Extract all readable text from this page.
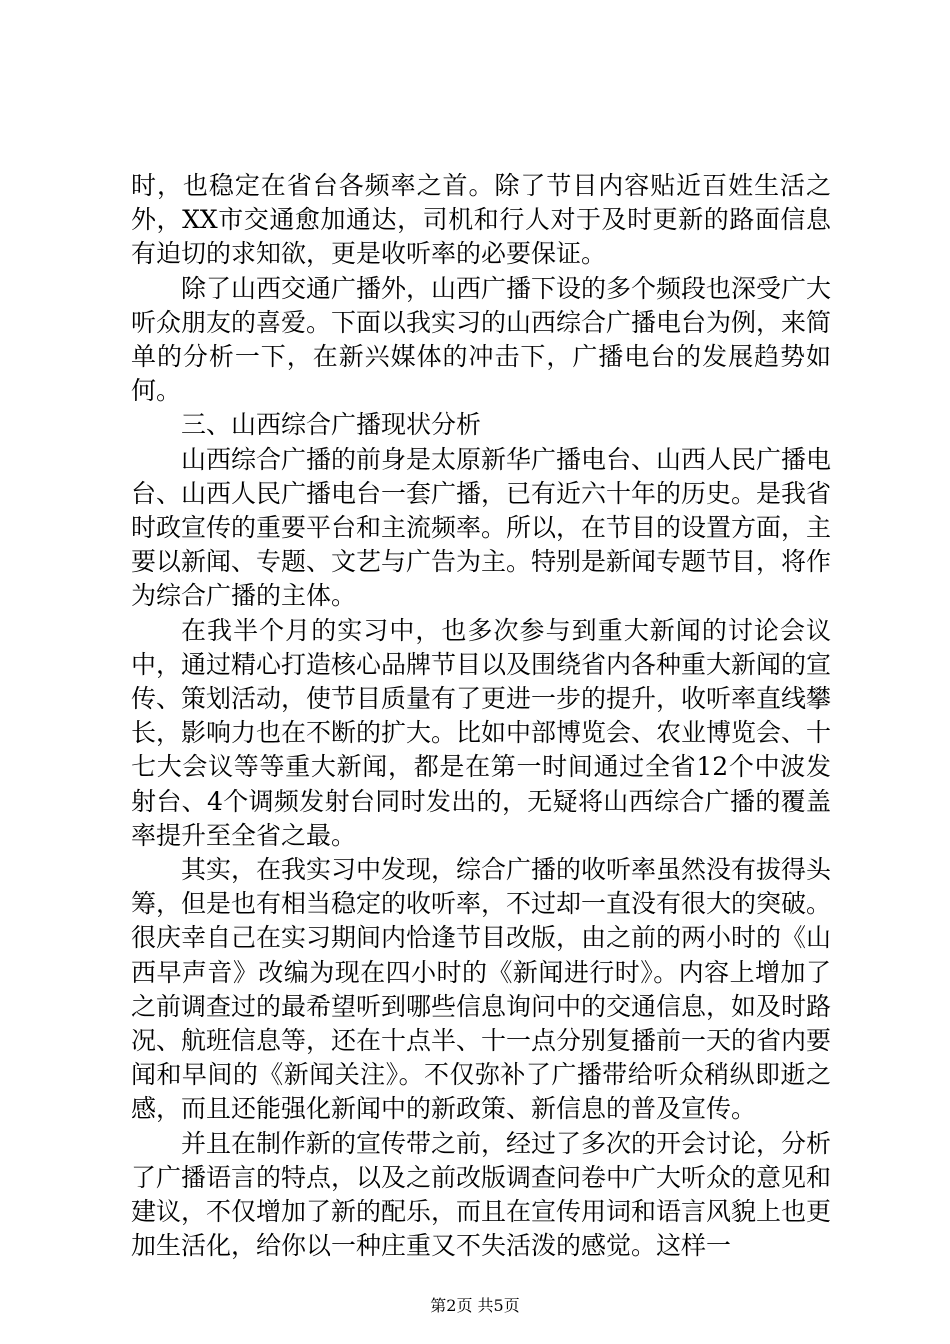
时，也稳定在省台各频率之首。除了节目内容贴近百姓生活之外，XX市交通愈加通达，司机和行人对于及时更新的路面信息有迫切的求知欲，更是收听率的必要保证。

除了山西交通广播外，山西广播下设的多个频段也深受广大听众朋友的喜爱。下面以我实习的山西综合广播电台为例，来简单的分析一下，在新兴媒体的冲击下，广播电台的发展趋势如何。

三、山西综合广播现状分析

山西综合广播的前身是太原新华广播电台、山西人民广播电台、山西人民广播电台一套广播，已有近六十年的历史。是我省时政宣传的重要平台和主流频率。所以，在节目的设置方面，主要以新闻、专题、文艺与广告为主。特别是新闻专题节目，将作为综合广播的主体。

在我半个月的实习中，也多次参与到重大新闻的讨论会议中，通过精心打造核心品牌节目以及围绕省内各种重大新闻的宣传、策划活动，使节目质量有了更进一步的提升，收听率直线攀长，影响力也在不断的扩大。比如中部博览会、农业博览会、十七大会议等等重大新闻，都是在第一时间通过全省12个中波发射台、4个调频发射台同时发出的，无疑将山西综合广播的覆盖率提升至全省之最。

其实，在我实习中发现，综合广播的收听率虽然没有拔得头筹，但是也有相当稳定的收听率，不过却一直没有很大的突破。很庆幸自己在实习期间内恰逢节目改版，由之前的两小时的《山西早声音》改编为现在四小时的《新闻进行时》。内容上增加了之前调查过的最希望听到哪些信息询问中的交通信息，如及时路况、航班信息等，还在十点半、十一点分别复播前一天的省内要闻和早间的《新闻关注》。不仅弥补了广播带给听众稍纵即逝之感，而且还能强化新闻中的新政策、新信息的普及宣传。

并且在制作新的宣传带之前，经过了多次的开会讨论，分析了广播语言的特点，以及之前改版调查问卷中广大听众的意见和建议，不仅增加了新的配乐，而且在宣传用词和语言风貌上也更加生活化，给你以一种庄重又不失活泼的感觉。这样一

第2页 共5页
